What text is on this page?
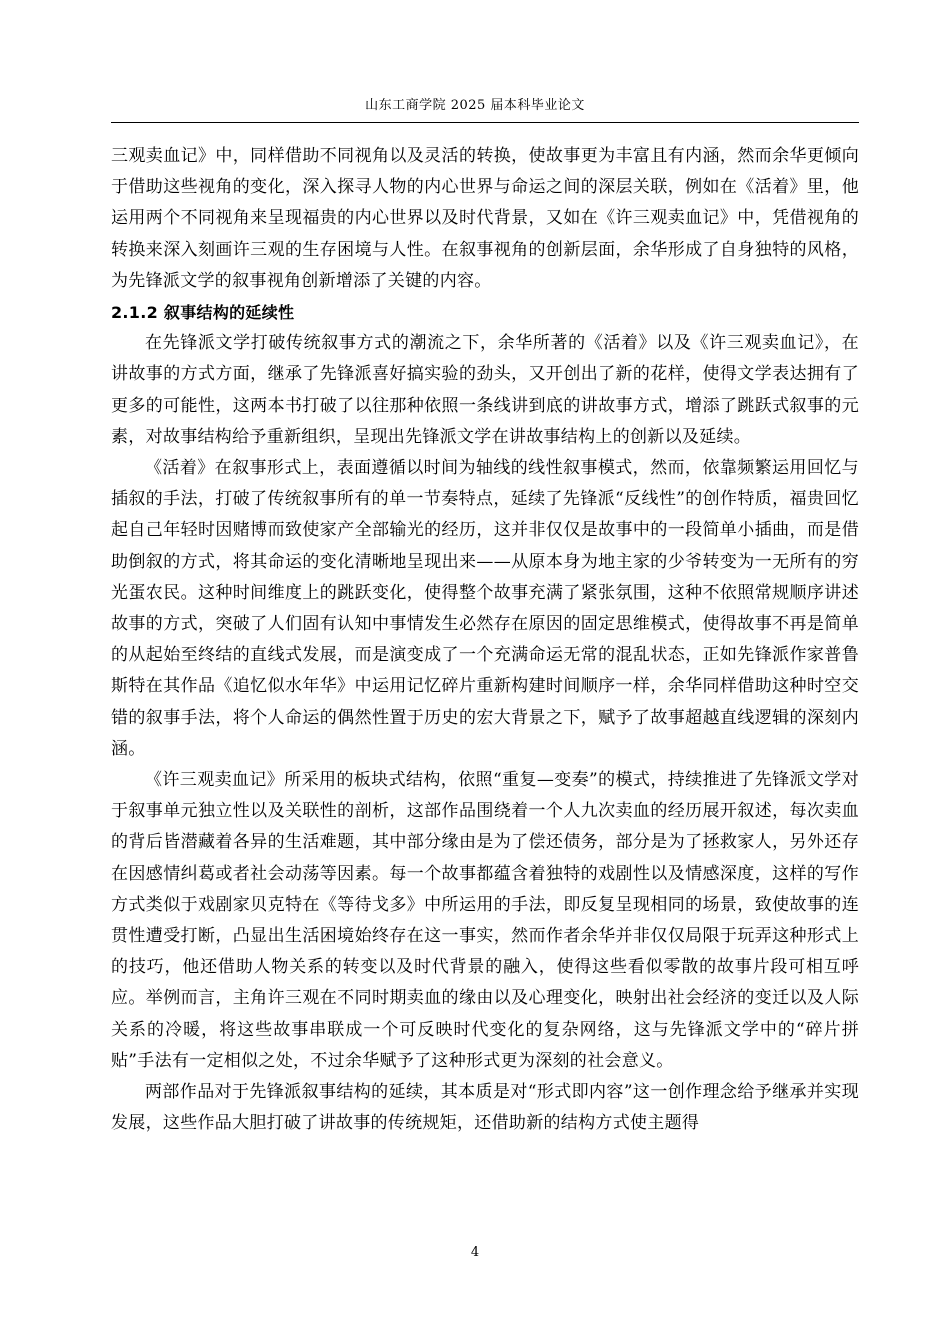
山东工商学院 2025 届本科毕业论文

三观卖血记》中，同样借助不同视角以及灵活的转换，使故事更为丰富且有内涵，然而余华更倾向于借助这些视角的变化，深入探寻人物的内心世界与命运之间的深层关联，例如在《活着》里，他运用两个不同视角来呈现福贵的内心世界以及时代背景，又如在《许三观卖血记》中，凭借视角的转换来深入刻画许三观的生存困境与人性。在叙事视角的创新层面，余华形成了自身独特的风格，为先锋派文学的叙事视角创新增添了关键的内容。

2.1.2 叙事结构的延续性

在先锋派文学打破传统叙事方式的潮流之下，余华所著的《活着》以及《许三观卖血记》，在讲故事的方式方面，继承了先锋派喜好搞实验的劲头，又开创出了新的花样，使得文学表达拥有了更多的可能性，这两本书打破了以往那种依照一条线讲到底的讲故事方式，增添了跳跃式叙事的元素，对故事结构给予重新组织，呈现出先锋派文学在讲故事结构上的创新以及延续。

《活着》在叙事形式上，表面遵循以时间为轴线的线性叙事模式，然而，依靠频繁运用回忆与插叙的手法，打破了传统叙事所有的单一节奏特点，延续了先锋派“反线性”的创作特质，福贵回忆起自己年轻时因赌博而致使家产全部输光的经历，这并非仅仅是故事中的一段简单小插曲，而是借助倒叙的方式，将其命运的变化清晰地呈现出来——从原本身为地主家的少爷转变为一无所有的穷光蛋农民。这种时间维度上的跳跃变化，使得整个故事充满了紧张氛围，这种不依照常规顺序讲述故事的方式，突破了人们固有认知中事情发生必然存在原因的固定思维模式，使得故事不再是简单的从起始至终结的直线式发展，而是演变成了一个充满命运无常的混乱状态，正如先锋派作家普鲁斯特在其作品《追忆似水年华》中运用记忆碎片重新构建时间顺序一样，余华同样借助这种时空交错的叙事手法，将个人命运的偶然性置于历史的宏大背景之下，赋予了故事超越直线逻辑的深刻内涵。

《许三观卖血记》所采用的板块式结构，依照“重复—变奏”的模式，持续推进了先锋派文学对于叙事单元独立性以及关联性的剖析，这部作品围绕着一个人九次卖血的经历展开叙述，每次卖血的背后皆潜藏着各异的生活难题，其中部分缘由是为了偿还债务，部分是为了拯救家人，另外还存在因感情纠葛或者社会动荡等因素。每一个故事都蕴含着独特的戏剧性以及情感深度，这样的写作方式类似于戏剧家贝克特在《等待戈多》中所运用的手法，即反复呈现相同的场景，致使故事的连贯性遭受打断，凸显出生活困境始终存在这一事实，然而作者余华并非仅仅局限于玩弄这种形式上的技巧，他还借助人物关系的转变以及时代背景的融入，使得这些看似零散的故事片段可相互呼应。举例而言，主角许三观在不同时期卖血的缘由以及心理变化，映射出社会经济的变迁以及人际关系的冷暖，将这些故事串联成一个可反映时代变化的复杂网络，这与先锋派文学中的“碎片拼贴”手法有一定相似之处，不过余华赋予了这种形式更为深刻的社会意义。

两部作品对于先锋派叙事结构的延续，其本质是对“形式即内容”这一创作理念给予继承并实现发展，这些作品大胆打破了讲故事的传统规矩，还借助新的结构方式使主题得

4
